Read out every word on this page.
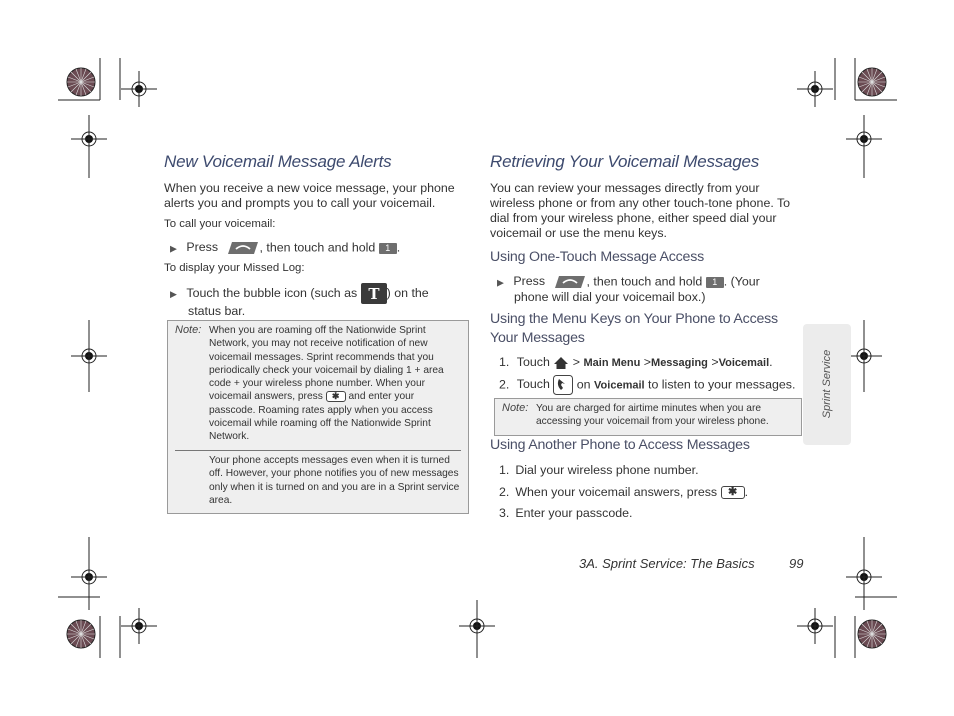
New Voicemail Message Alerts
When you receive a new voice message, your phone
alerts you and prompts you to call your voicemail.
To call your voicemail:
▶ Press	, then touch and hold 1 .
To display your Missed Log:
▶ Touch the bubble icon (such as T ) on the
status bar.
Note: When you are roaming off the Nationwide Sprint
Network, you may not receive notification of new
voicemail messages. Sprint recommends that you
periodically check your voicemail by dialing 1 + area
code + your wireless phone number. When your
voicemail answers, press ✱ and enter your
passcode. Roaming rates apply when you access
voicemail while roaming off the Nationwide Sprint
Network.
Your phone accepts messages even when it is turned
off. However, your phone notifies you of new messages
only when it is turned on and you are in a Sprint service
area.
Retrieving Your Voicemail Messages
You can review your messages directly from your
wireless phone or from any other touch-tone phone. To
dial from your wireless phone, either speed dial your
voicemail or use the menu keys.
Using One-Touch Message Access
▶ Press	, then touch and hold 1 . (Your
phone will dial your voicemail box.)
Using the Menu Keys on Your Phone to Access
Your Messages
1. Touch > Main Menu >Messaging >Voicemail.
2. Touch on Voicemail to listen to your messages.
Note: You are charged for airtime minutes when you are
accessing your voicemail from your wireless phone.
Using Another Phone to Access Messages
1. Dial your wireless phone number.
2. When your voicemail answers, press ✱ .
3. Enter your passcode.
Sprint Service
3A. Sprint Service: The Basics	99
